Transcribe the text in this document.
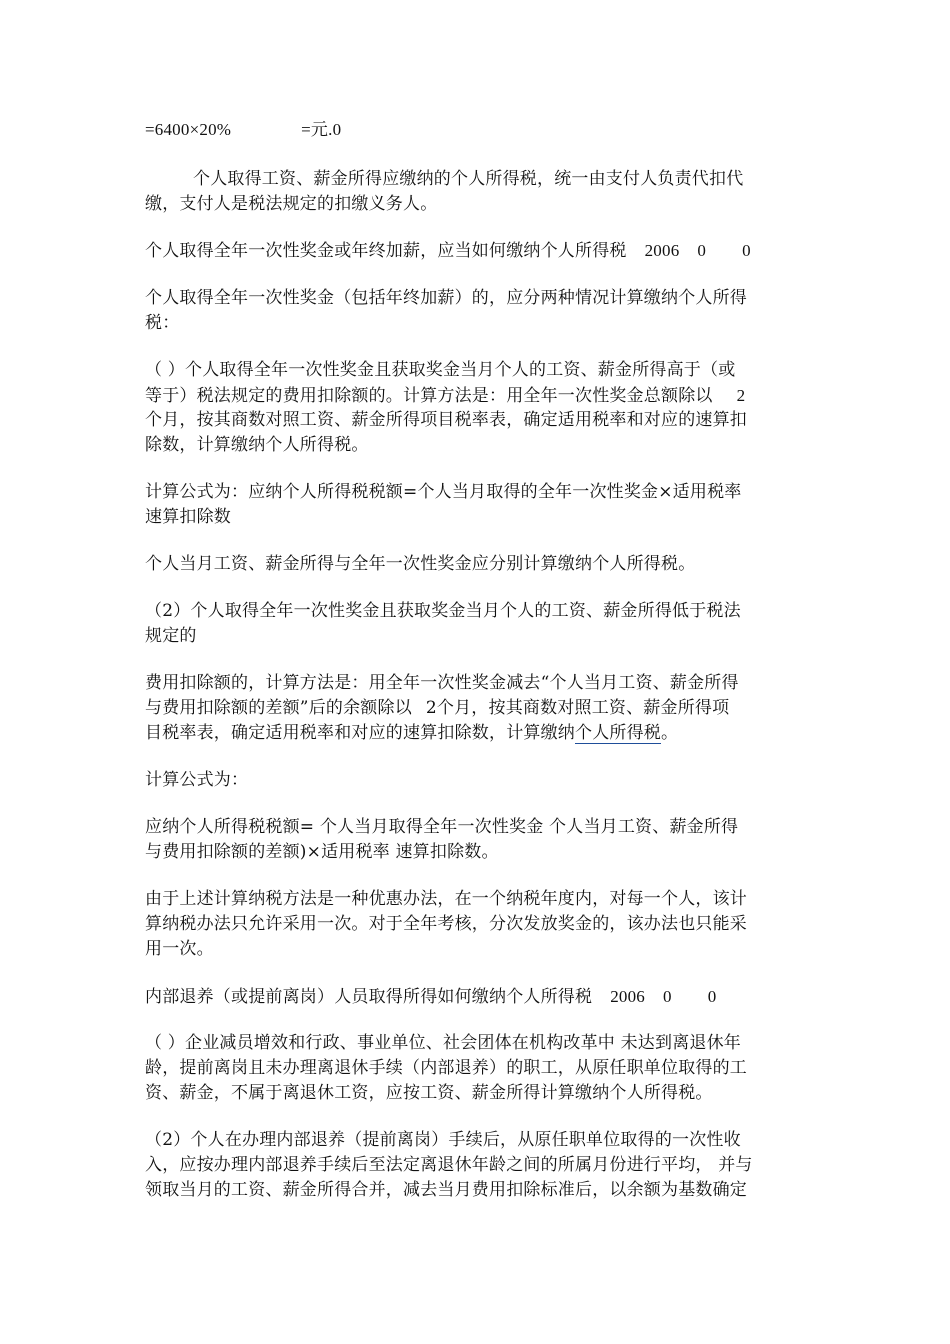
=6400×20%	=元.0
个人取得工资、薪金所得应缴纳的个人所得税，统一由支付人负责代扣代
缴，支付人是税法规定的扣缴义务人。
个人取得全年一次性奖金或年终加薪，应当如何缴纳个人所得税 2006 0 0
个人取得全年一次性奖金（包括年终加薪）的，应分两种情况计算缴纳个人所得
税：
（ ）个人取得全年一次性奖金且获取奖金当月个人的工资、薪金所得高于（或
等于）税法规定的费用扣除额的。计算方法是：用全年一次性奖金总额除以 2
个月，按其商数对照工资、薪金所得项目税率表，确定适用税率和对应的速算扣
除数，计算缴纳个人所得税。
计算公式为：应纳个人所得税税额=个人当月取得的全年一次性奖金×适用税率
速算扣除数
个人当月工资、薪金所得与全年一次性奖金应分别计算缴纳个人所得税。
（2）个人取得全年一次性奖金且获取奖金当月个人的工资、薪金所得低于税法
规定的
费用扣除额的，计算方法是：用全年一次性奖金减去“个人当月工资、薪金所得
与费用扣除额的差额”后的余额除以 2个月，按其商数对照工资、薪金所得项
目税率表，确定适用税率和对应的速算扣除数，计算缴纳个人所得税。
计算公式为：
应纳个人所得税税额= 个人当月取得全年一次性奖金 个人当月工资、薪金所得
与费用扣除额的差额)×适用税率 速算扣除数。
由于上述计算纳税方法是一种优惠办法，在一个纳税年度内，对每一个人，该计
算纳税办法只允许采用一次。对于全年考核，分次发放奖金的，该办法也只能采
用一次。
内部退养（或提前离岗）人员取得所得如何缴纳个人所得税 2006 0 0
（ ）企业减员增效和行政、事业单位、社会团体在机构改革中 未达到离退休年
龄，提前离岗且未办理离退休手续（内部退养）的职工，从原任职单位取得的工
资、薪金，不属于离退休工资，应按工资、薪金所得计算缴纳个人所得税。
（2）个人在办理内部退养（提前离岗）手续后，从原任职单位取得的一次性收
入，应按办理内部退养手续后至法定离退休年龄之间的所属月份进行平均， 并与
领取当月的工资、薪金所得合并，减去当月费用扣除标准后，以余额为基数确定
